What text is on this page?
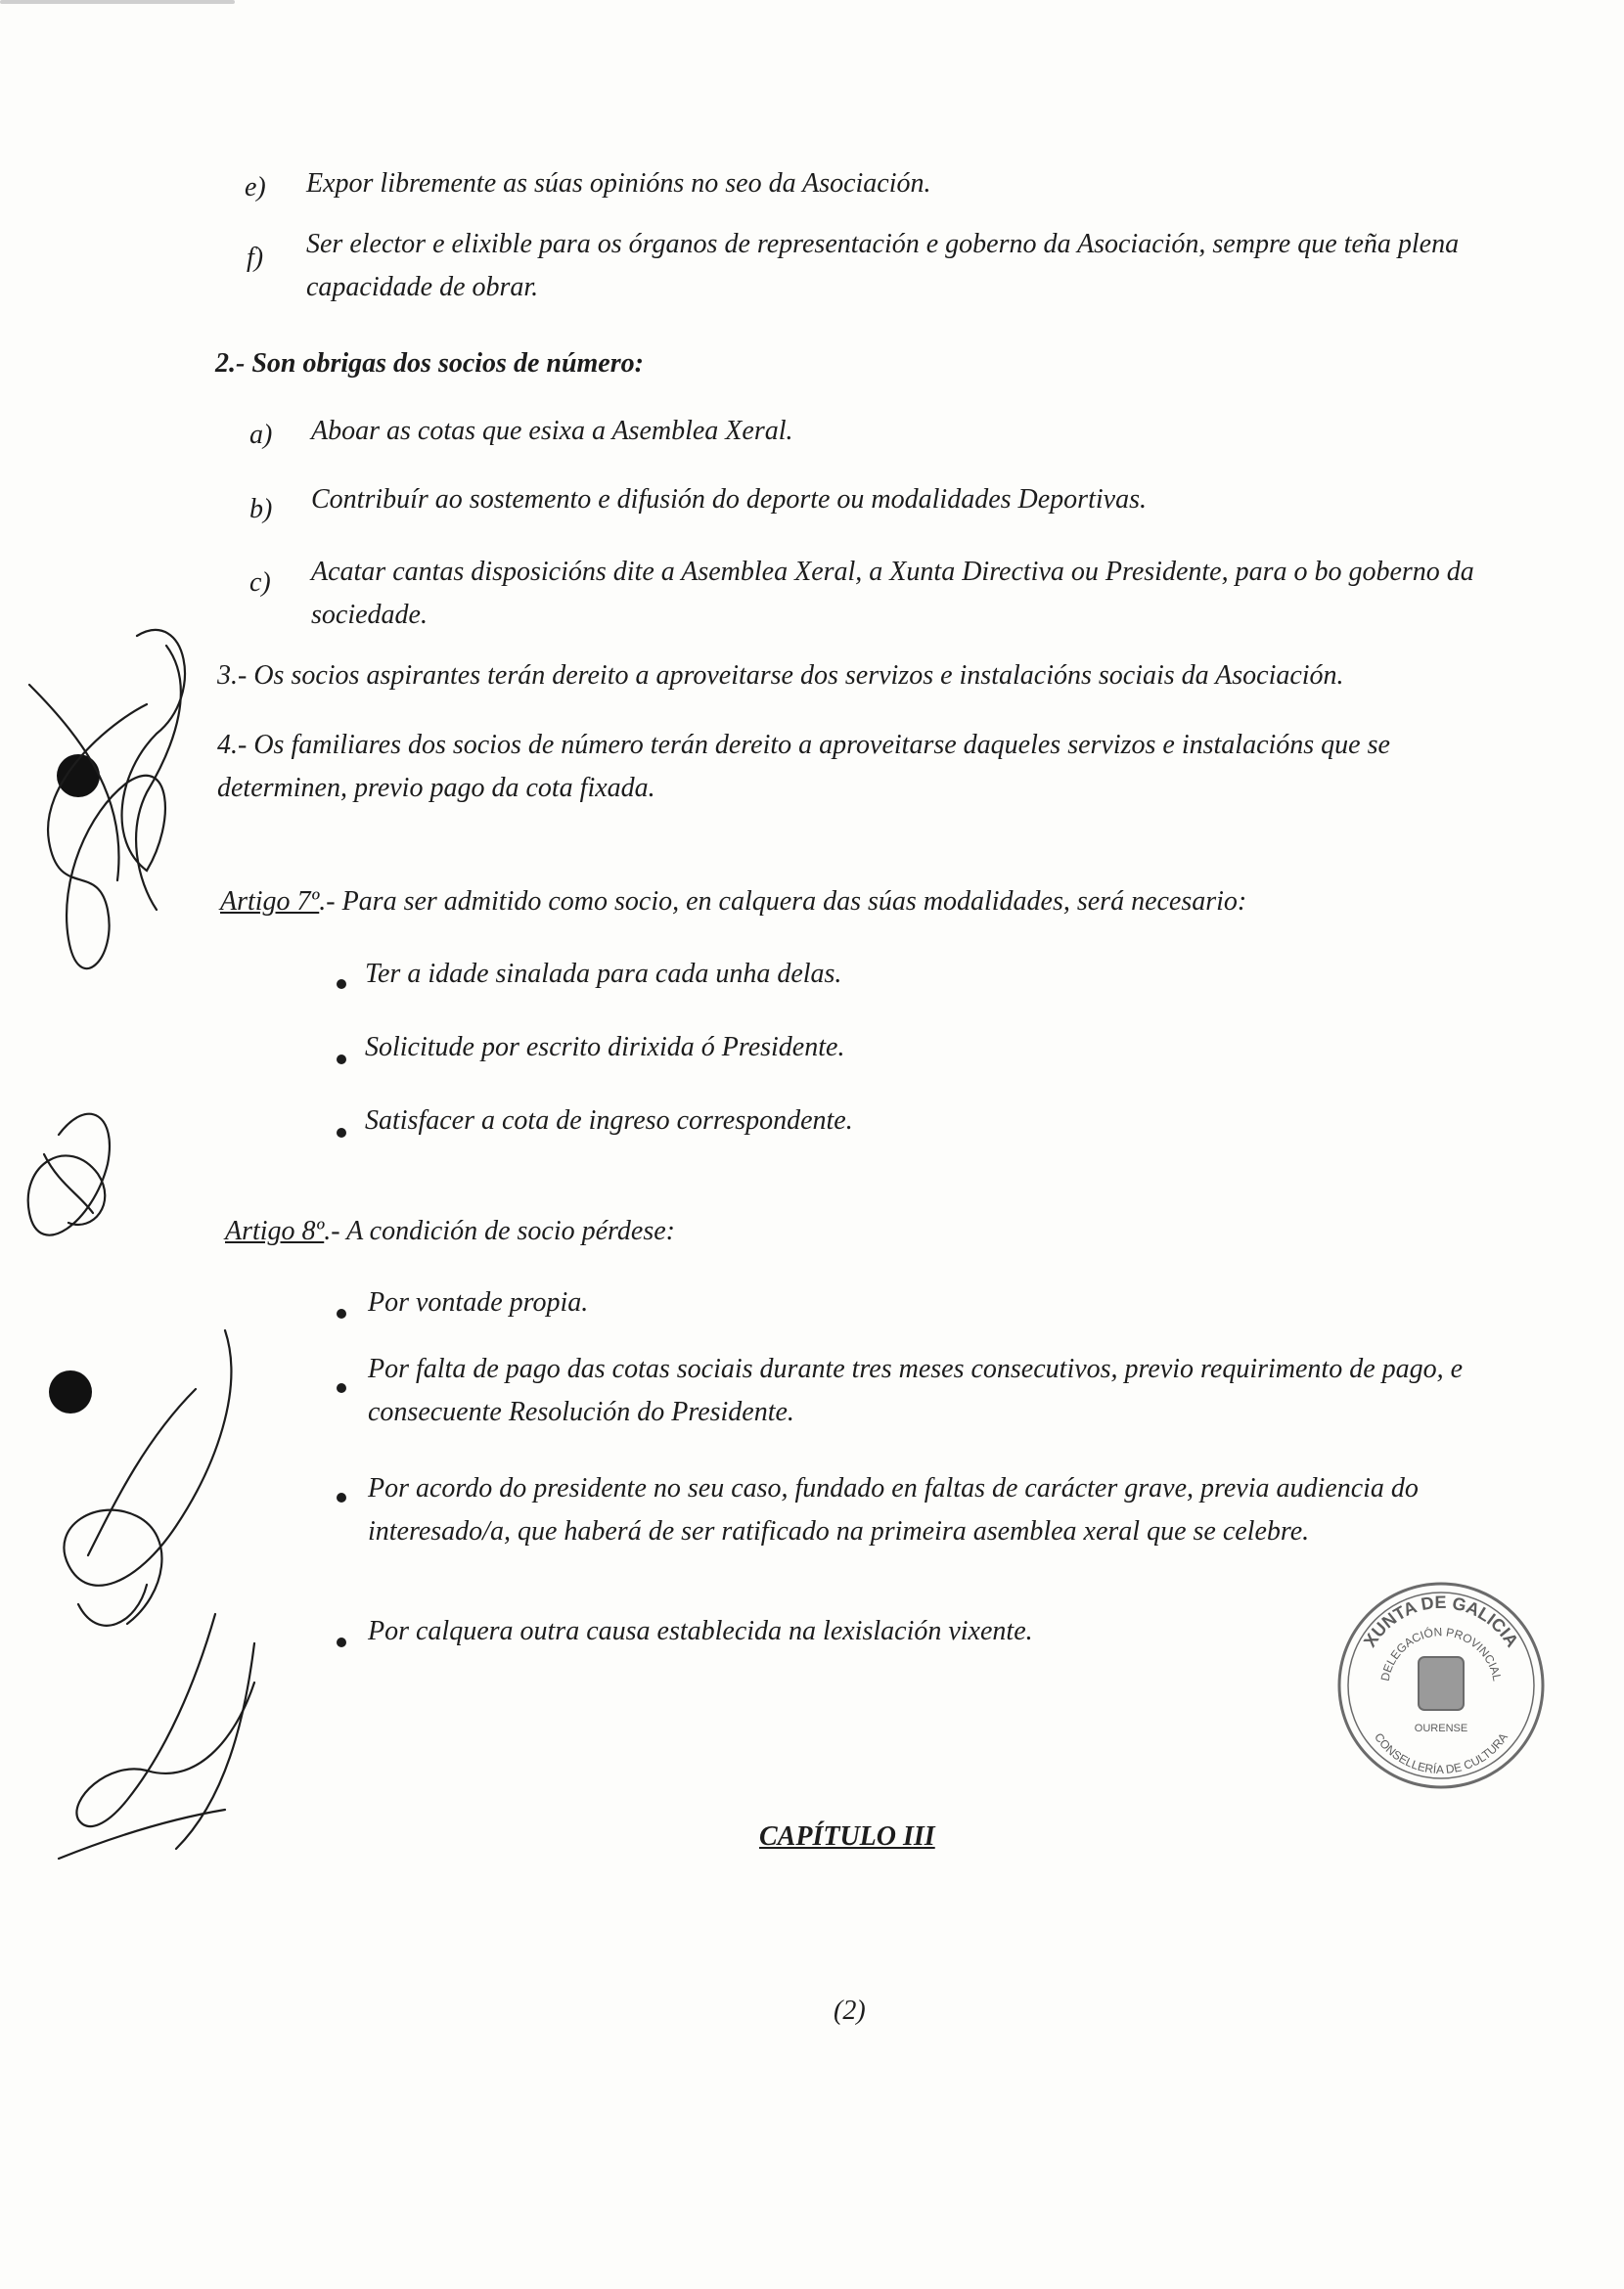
e) Expor libremente as súas opinións no seo da Asociación.
f) Ser elector e elixible para os órganos de representación e goberno da Asociación, sempre que teña plena capacidade de obrar.
2.- Son obrigas dos socios de número:
a) Aboar as cotas que esixa a Asemblea Xeral.
b) Contribuír ao sostemento e difusión do deporte ou modalidades Deportivas.
c) Acatar cantas disposicións dite a Asemblea Xeral, a Xunta Directiva ou Presidente, para o bo goberno da sociedade.
3.- Os socios aspirantes terán dereito a aproveitarse dos servizos e instalacións sociais da Asociación.
4.- Os familiares dos socios de número terán dereito a aproveitarse daqueles servizos e instalacións que se determinen, previo pago da cota fixada.
Artigo 7º.- Para ser admitido como socio, en calquera das súas modalidades, será necesario:
Ter a idade sinalada para cada unha delas.
Solicitude por escrito dirixida ó Presidente.
Satisfacer a cota de ingreso correspondente.
Artigo 8º.- A condición de socio pérdese:
Por vontade propia.
Por falta de pago das cotas sociais durante tres meses consecutivos, previo requirimento de pago, e consecuente Resolución do Presidente.
Por acordo do presidente no seu caso, fundado en faltas de carácter grave, previa audiencia do interesado/a, que haberá de ser ratificado na primeira asemblea xeral que se celebre.
Por calquera outra causa establecida na lexislación vixente.
CAPÍTULO III
(2)
XUNTA DE GALICIA
DELEGACIÓN PROVINCIAL
CONSELLERÍA DE CULTURA
OURENSE
